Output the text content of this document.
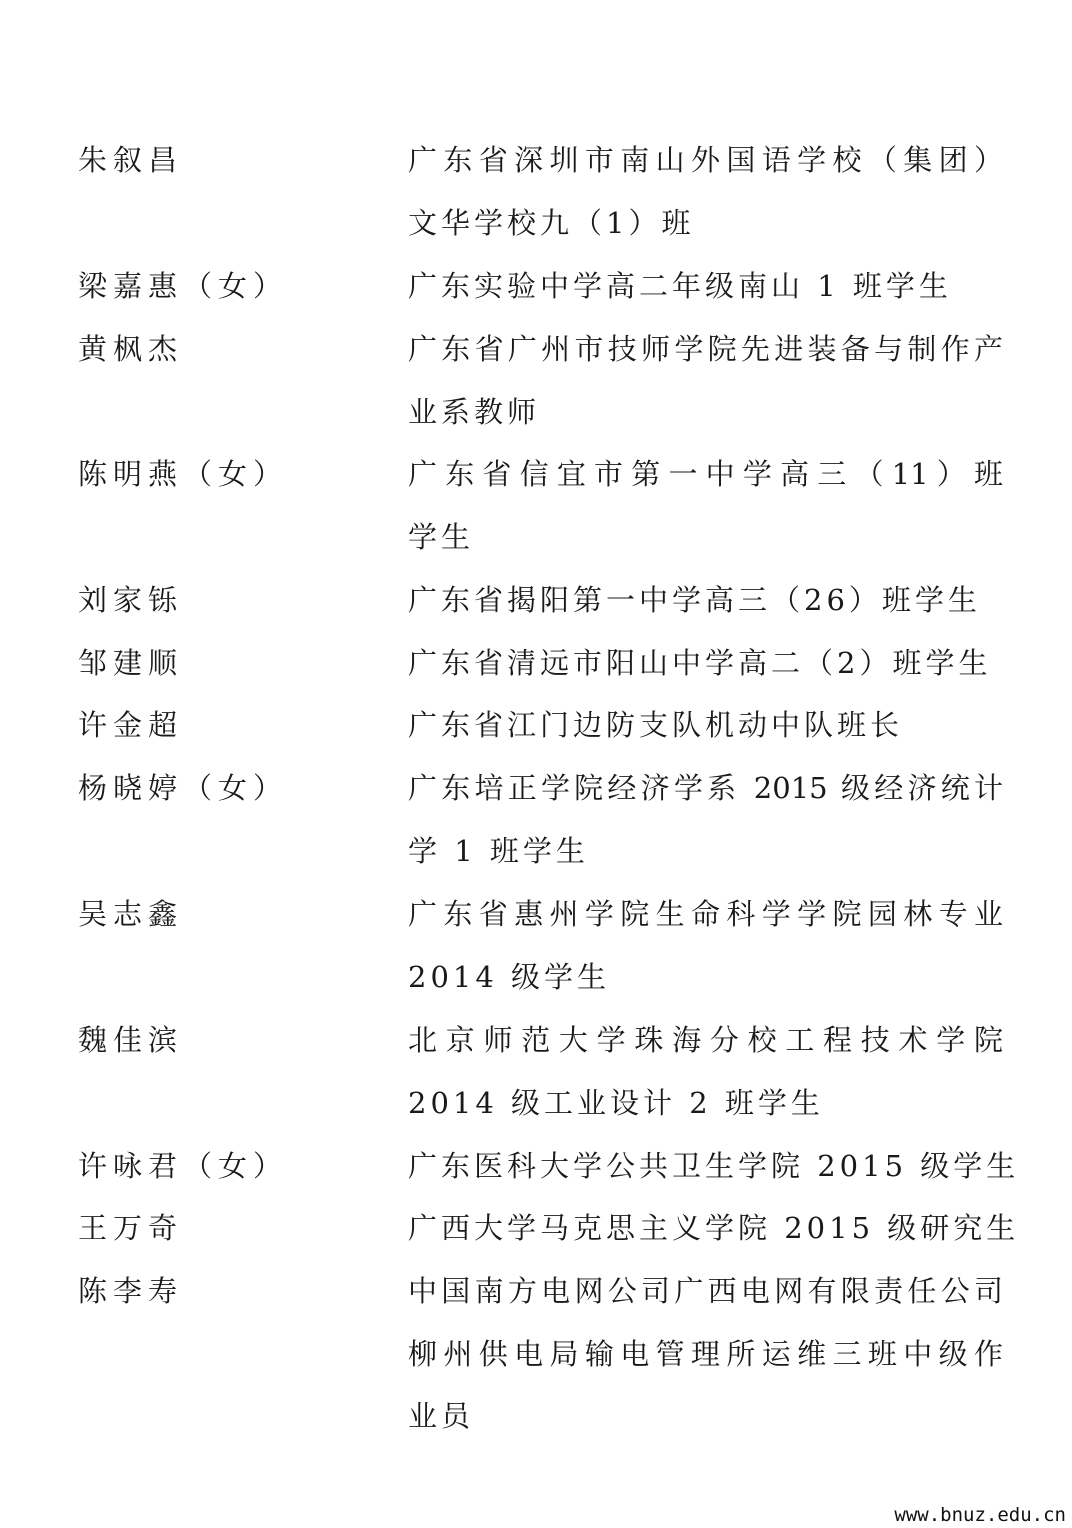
朱叙昌	广东省深圳市南山外国语学校（集团）
文华学校九（1）班
梁嘉惠（女）	广东实验中学高二年级南山 1 班学生
黄枫杰	广东省广州市技师学院先进装备与制作产
业系教师
陈明燕（女）	广东省信宜市第一中学高三（11）班
学生
刘家铄	广东省揭阳第一中学高三（26）班学生
邹建顺	广东省清远市阳山中学高二（2）班学生
许金超	广东省江门边防支队机动中队班长
杨晓婷（女）	广东培正学院经济学系 2015 级经济统计
学 1 班学生
吴志鑫	广东省惠州学院生命科学学院园林专业
2014 级学生
魏佳滨	北京师范大学珠海分校工程技术学院
2014 级工业设计 2 班学生
许咏君（女）	广东医科大学公共卫生学院 2015 级学生
王万奇	广西大学马克思主义学院 2015 级研究生
陈李寿	中国南方电网公司广西电网有限责任公司
柳州供电局输电管理所运维三班中级作
业员
www.bnuz.edu.cn
